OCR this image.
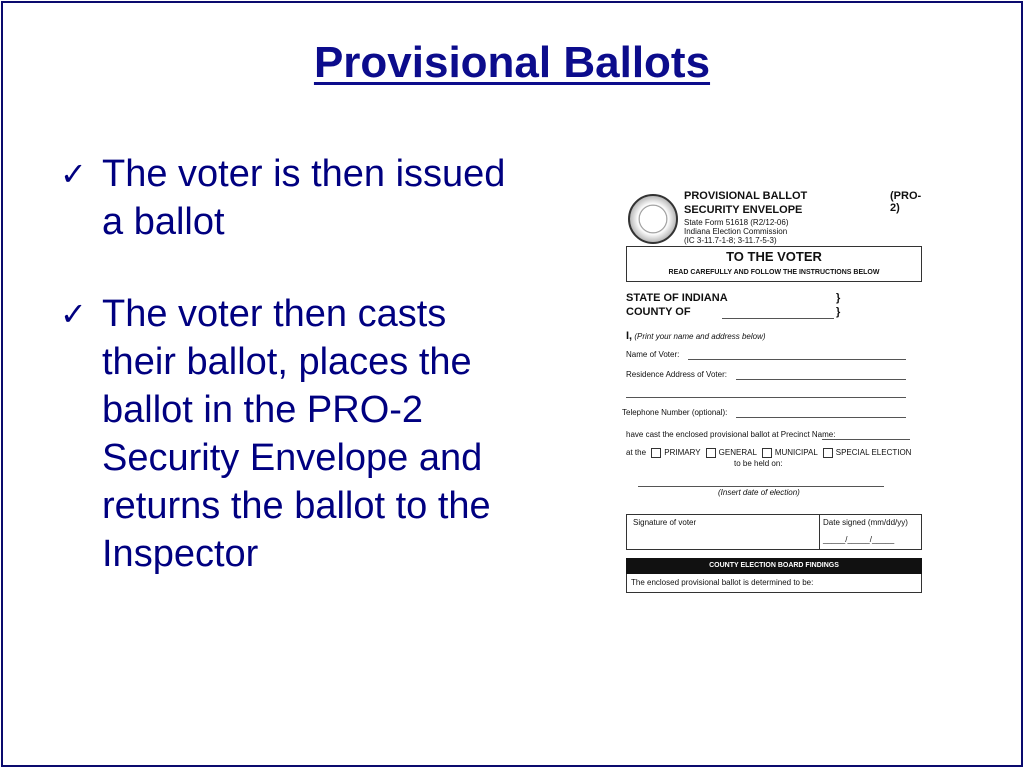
Provisional Ballots
✓ The voter is then issued a ballot
✓ The voter then casts their ballot, places the ballot in the PRO-2 Security Envelope and returns the ballot to the Inspector
PROVISIONAL BALLOT
SECURITY ENVELOPE
(PRO-2)
State Form 51618 (R2/12-06)
Indiana Election Commission
(IC 3-11.7-1-8; 3-11.7-5-3)
TO THE VOTER
READ CAREFULLY AND FOLLOW THE INSTRUCTIONS BELOW
STATE OF INDIANA	}
COUNTY OF	}
I, (Print your name and address below)
Name of Voter:
Residence Address of Voter:
Telephone Number (optional):
have cast the enclosed provisional ballot at Precinct Name:
at the PRIMARY GENERAL MUNICIPAL SPECIAL ELECTION
to be held on:
(Insert date of election)
Signature of voter	Date signed (mm/dd/yy)
_____/_____/_____
COUNTY ELECTION BOARD FINDINGS
The enclosed provisional ballot is determined to be:
